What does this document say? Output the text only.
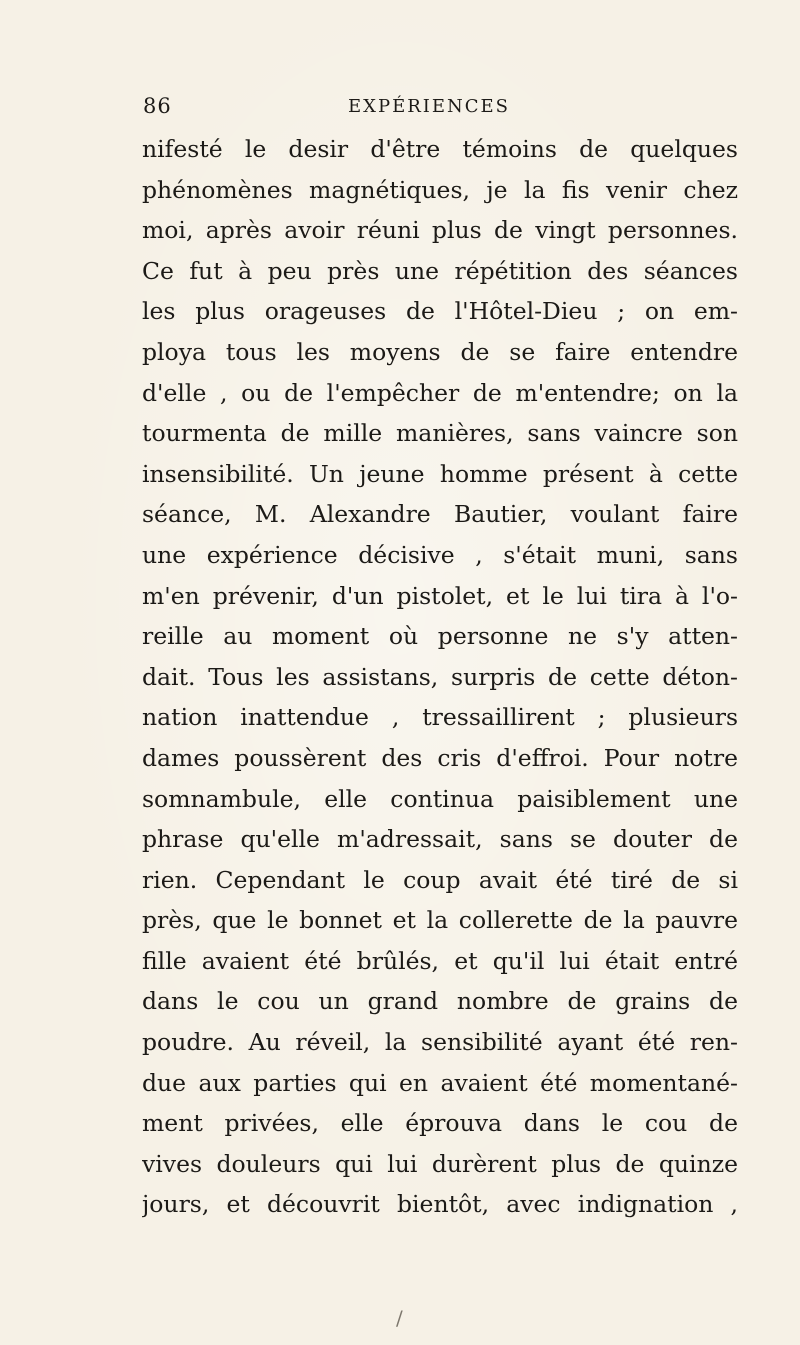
86	EXPÉRIENCES
nifesté le desir d'être témoins de quelques
phénomènes magnétiques, je la fis venir chez
moi, après avoir réuni plus de vingt personnes.
Ce fut à peu près une répétition des séances
les plus orageuses de l'Hôtel-Dieu ; on em-
ploya tous les moyens de se faire entendre
d'elle , ou de l'empêcher de m'entendre; on la
tourmenta de mille manières, sans vaincre son
insensibilité. Un jeune homme présent à cette
séance, M. Alexandre Bautier, voulant faire
une expérience décisive , s'était muni, sans
m'en prévenir, d'un pistolet, et le lui tira à l'o-
reille au moment où personne ne s'y atten-
dait. Tous les assistans, surpris de cette déton-
nation inattendue , tressaillirent ; plusieurs
dames poussèrent des cris d'effroi. Pour notre
somnambule, elle continua paisiblement une
phrase qu'elle m'adressait, sans se douter de
rien. Cependant le coup avait été tiré de si
près, que le bonnet et la collerette de la pauvre
fille avaient été brûlés, et qu'il lui était entré
dans le cou un grand nombre de grains de
poudre. Au réveil, la sensibilité ayant été ren-
due aux parties qui en avaient été momentané-
ment privées, elle éprouva dans le cou de
vives douleurs qui lui durèrent plus de quinze
jours, et découvrit bientôt, avec indignation ,
/
